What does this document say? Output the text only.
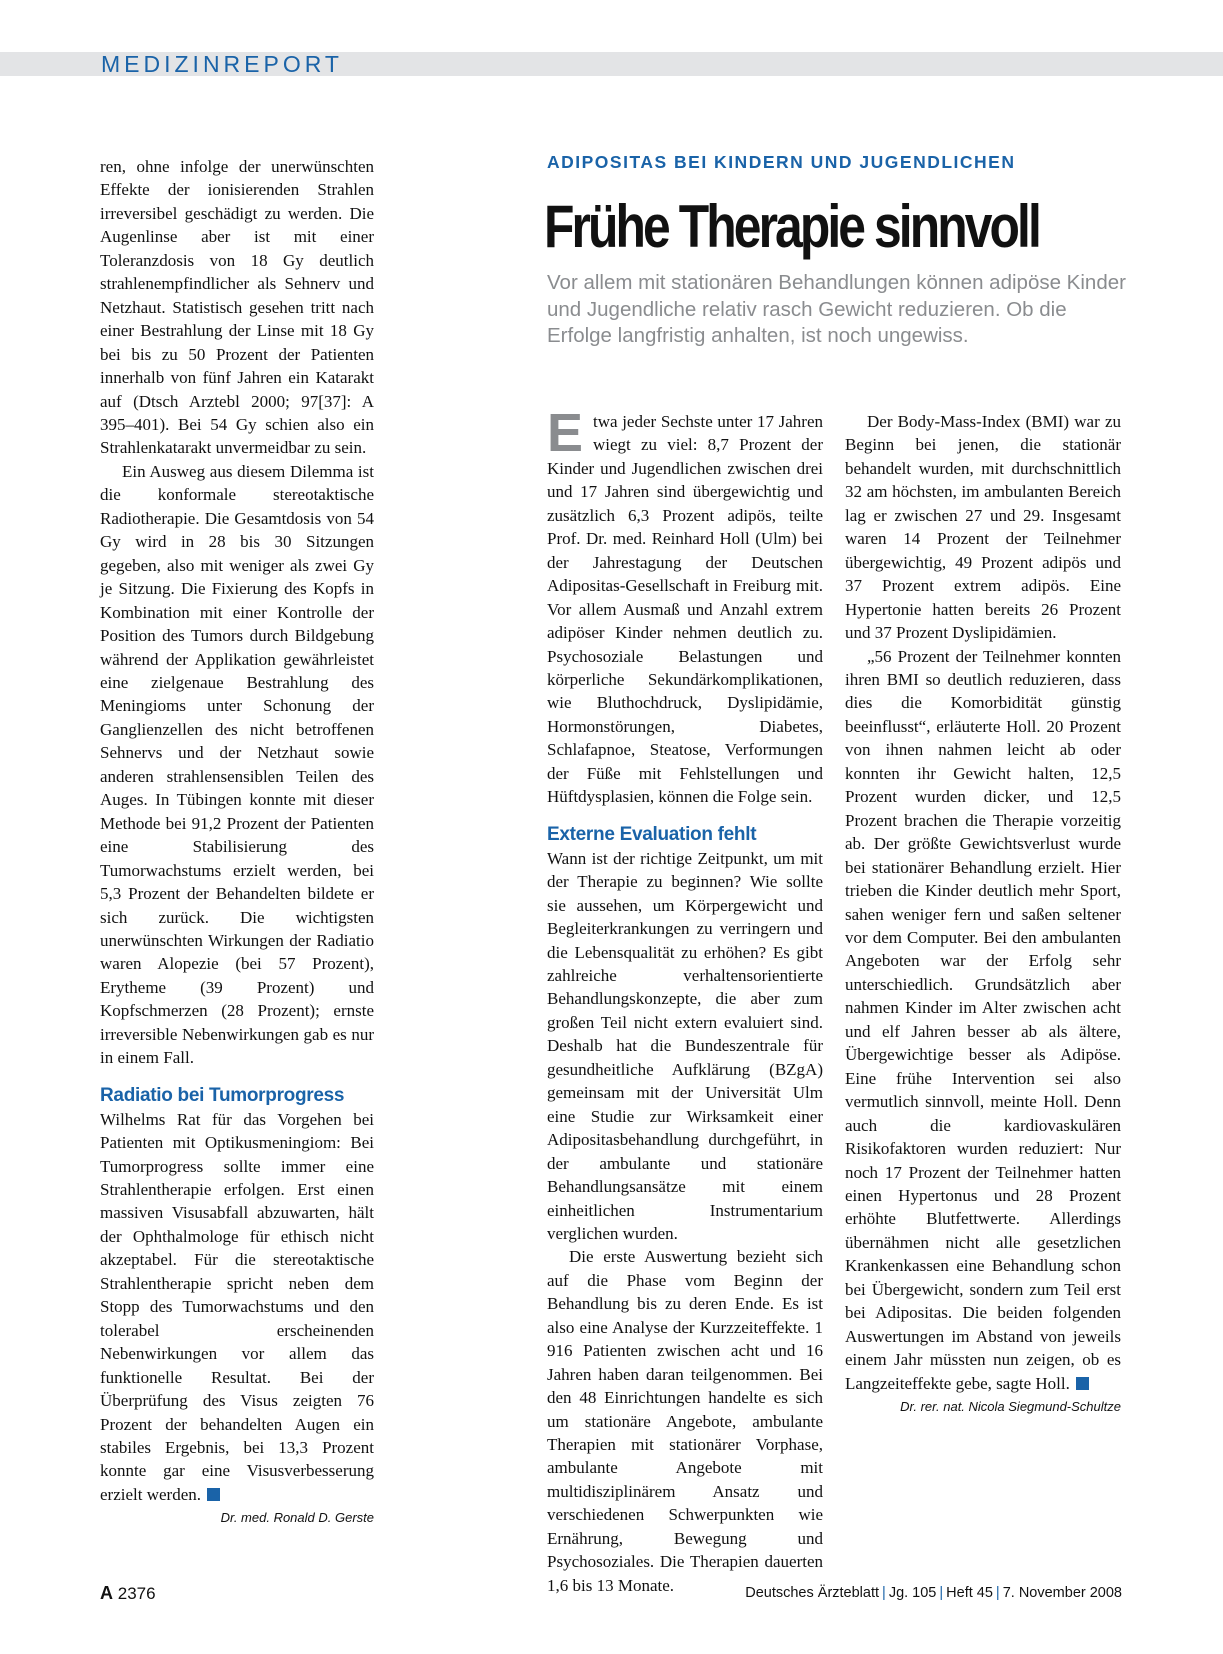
MEDIZINREPORT

ren, ohne infolge der unerwünschten Effekte der ionisierenden Strahlen irreversibel geschädigt zu werden. Die Augenlinse aber ist mit einer Toleranzdosis von 18 Gy deutlich strahlenempfindlicher als Sehnerv und Netzhaut. Statistisch gesehen tritt nach einer Bestrahlung der Linse mit 18 Gy bei bis zu 50 Prozent der Patienten innerhalb von fünf Jahren ein Katarakt auf (Dtsch Arztebl 2000; 97[37]: A 395–401). Bei 54 Gy schien also ein Strahlenkatarakt unvermeidbar zu sein.

Ein Ausweg aus diesem Dilemma ist die konformale stereotaktische Radiotherapie. Die Gesamtdosis von 54 Gy wird in 28 bis 30 Sitzungen gegeben, also mit weniger als zwei Gy je Sitzung. Die Fixierung des Kopfs in Kombination mit einer Kontrolle der Position des Tumors durch Bildgebung während der Applikation gewährleistet eine zielgenaue Bestrahlung des Meningioms unter Schonung der Ganglienzellen des nicht betroffenen Sehnervs und der Netzhaut sowie anderen strahlensensiblen Teilen des Auges. In Tübingen konnte mit dieser Methode bei 91,2 Prozent der Patienten eine Stabilisierung des Tumorwachstums erzielt werden, bei 5,3 Prozent der Behandelten bildete er sich zurück. Die wichtigsten unerwünschten Wirkungen der Radiatio waren Alopezie (bei 57 Prozent), Erytheme (39 Prozent) und Kopfschmerzen (28 Prozent); ernste irreversible Nebenwirkungen gab es nur in einem Fall.

Radiatio bei Tumorprogress

Wilhelms Rat für das Vorgehen bei Patienten mit Optikusmeningiom: Bei Tumorprogress sollte immer eine Strahlentherapie erfolgen. Erst einen massiven Visusabfall abzuwarten, hält der Ophthalmologe für ethisch nicht akzeptabel. Für die stereotaktische Strahlentherapie spricht neben dem Stopp des Tumorwachstums und den tolerabel erscheinenden Nebenwirkungen vor allem das funktionelle Resultat. Bei der Überprüfung des Visus zeigten 76 Prozent der behandelten Augen ein stabiles Ergebnis, bei 13,3 Prozent konnte gar eine Visusverbesserung erzielt werden.

Dr. med. Ronald D. Gerste
ADIPOSITAS BEI KINDERN UND JUGENDLICHEN
Frühe Therapie sinnvoll
Vor allem mit stationären Behandlungen können adipöse Kinder und Jugendliche relativ rasch Gewicht reduzieren. Ob die Erfolge langfristig anhalten, ist noch ungewiss.

Etwa jeder Sechste unter 17 Jahren wiegt zu viel: 8,7 Prozent der Kinder und Jugendlichen zwischen drei und 17 Jahren sind übergewichtig und zusätzlich 6,3 Prozent adipös, teilte Prof. Dr. med. Reinhard Holl (Ulm) bei der Jahrestagung der Deutschen Adipositas-Gesellschaft in Freiburg mit. Vor allem Ausmaß und Anzahl extrem adipöser Kinder nehmen deutlich zu. Psychosoziale Belastungen und körperliche Sekundärkomplikationen, wie Bluthochdruck, Dyslipidämie, Hormonstörungen, Diabetes, Schlafapnoe, Steatose, Verformungen der Füße mit Fehlstellungen und Hüftdysplasien, können die Folge sein.

Externe Evaluation fehlt

Wann ist der richtige Zeitpunkt, um mit der Therapie zu beginnen? Wie sollte sie aussehen, um Körpergewicht und Begleiterkrankungen zu verringern und die Lebensqualität zu erhöhen? Es gibt zahlreiche verhaltensorientierte Behandlungskonzepte, die aber zum großen Teil nicht extern evaluiert sind. Deshalb hat die Bundeszentrale für gesundheitliche Aufklärung (BZgA) gemeinsam mit der Universität Ulm eine Studie zur Wirksamkeit einer Adipositasbehandlung durchgeführt, in der ambulante und stationäre Behandlungsansätze mit einem einheitlichen Instrumentarium verglichen wurden.

Die erste Auswertung bezieht sich auf die Phase vom Beginn der Behandlung bis zu deren Ende. Es ist also eine Analyse der Kurzzeiteffekte. 1 916 Patienten zwischen acht und 16 Jahren haben daran teilgenommen. Bei den 48 Einrichtungen handelte es sich um stationäre Angebote, ambulante Therapien mit stationärer Vorphase, ambulante Angebote mit multidisziplinärem Ansatz und verschiedenen Schwerpunkten wie Ernährung, Bewegung und Psychosoziales. Die Therapien dauerten 1,6 bis 13 Monate.

Der Body-Mass-Index (BMI) war zu Beginn bei jenen, die stationär behandelt wurden, mit durchschnittlich 32 am höchsten, im ambulanten Bereich lag er zwischen 27 und 29. Insgesamt waren 14 Prozent der Teilnehmer übergewichtig, 49 Prozent adipös und 37 Prozent extrem adipös. Eine Hypertonie hatten bereits 26 Prozent und 37 Prozent Dyslipidämien.

„56 Prozent der Teilnehmer konnten ihren BMI so deutlich reduzieren, dass dies die Komorbidität günstig beeinflusst“, erläuterte Holl. 20 Prozent von ihnen nahmen leicht ab oder konnten ihr Gewicht halten, 12,5 Prozent wurden dicker, und 12,5 Prozent brachen die Therapie vorzeitig ab. Der größte Gewichtsverlust wurde bei stationärer Behandlung erzielt. Hier trieben die Kinder deutlich mehr Sport, sahen weniger fern und saßen seltener vor dem Computer. Bei den ambulanten Angeboten war der Erfolg sehr unterschiedlich. Grundsätzlich aber nahmen Kinder im Alter zwischen acht und elf Jahren besser ab als ältere, Übergewichtige besser als Adipöse. Eine frühe Intervention sei also vermutlich sinnvoll, meinte Holl. Denn auch die kardiovaskulären Risikofaktoren wurden reduziert: Nur noch 17 Prozent der Teilnehmer hatten einen Hypertonus und 28 Prozent erhöhte Blutfettwerte. Allerdings übernähmen nicht alle gesetzlichen Krankenkassen eine Behandlung schon bei Übergewicht, sondern zum Teil erst bei Adipositas. Die beiden folgenden Auswertungen im Abstand von jeweils einem Jahr müssten nun zeigen, ob es Langzeiteffekte gebe, sagte Holl.

Dr. rer. nat. Nicola Siegmund-Schultze
A 2376	Deutsches Ärzteblatt | Jg. 105 | Heft 45 | 7. November 2008
